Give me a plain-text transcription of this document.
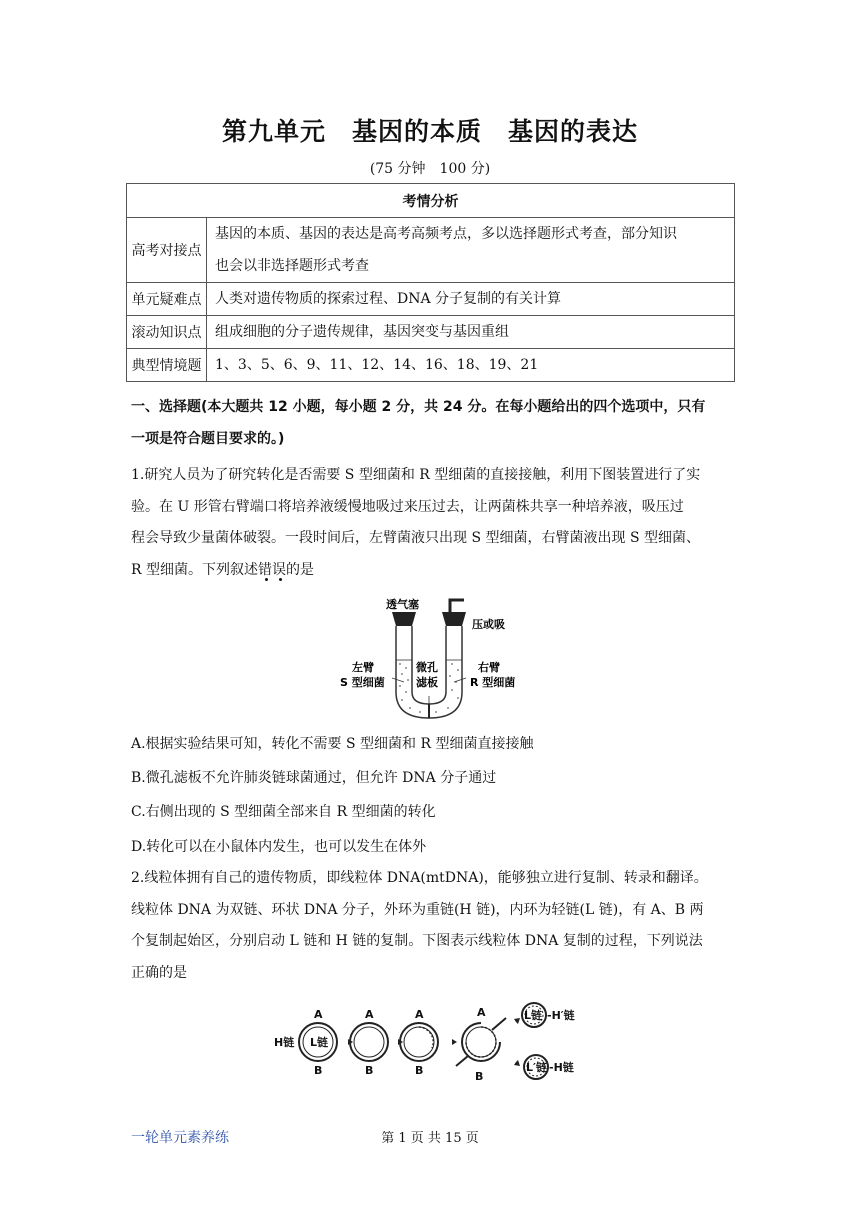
第九单元　基因的本质　基因的表达
(75 分钟　100 分)
考情分析	
高考对接点	基因的本质、基因的表达是高考高频考点，多以选择题形式考查，部分知识
也会以非选择题形式考查

单元疑难点	人类对遗传物质的探索过程、DNA 分子复制的有关计算
滚动知识点	组成细胞的分子遗传规律，基因突变与基因重组
典型情境题	1、3、5、6、9、11、12、14、16、18、19、21
一、选择题(本大题共 12 小题，每小题 2 分，共 24 分。在每小题给出的四个选项中，只有
一项是符合题目要求的。)
1.研究人员为了研究转化是否需要 S 型细菌和 R 型细菌的直接接触，利用下图装置进行了实
验。在 U 形管右臂端口将培养液缓慢地吸过来压过去，让两菌株共享一种培养液，吸压过
程会导致少量菌体破裂。一段时间后，左臂菌液只出现 S 型细菌，右臂菌液出现 S 型细菌、
R 型细菌。下列叙述错误的是
透气塞
压或吸
左臂
S 型细菌
微孔
滤板
右臂
R 型细菌
A.根据实验结果可知，转化不需要 S 型细菌和 R 型细菌直接接触
B.微孔滤板不允许肺炎链球菌通过，但允许 DNA 分子通过
C.右侧出现的 S 型细菌全部来自 R 型细菌的转化
D.转化可以在小鼠体内发生，也可以发生在体外
2.线粒体拥有自己的遗传物质，即线粒体 DNA(mtDNA)，能够独立进行复制、转录和翻译。
线粒体 DNA 为双链、环状 DNA 分子，外环为重链(H 链)，内环为轻链(L 链)，有 A、B 两
个复制起始区，分别启动 L 链和 H 链的复制。下图表示线粒体 DNA 复制的过程，下列说法
正确的是
H链 L链
A
B
A
B
A
B
A
B
L链 -H′链
L′链 -H链
一轮单元素养练	第 1 页 共 15 页
